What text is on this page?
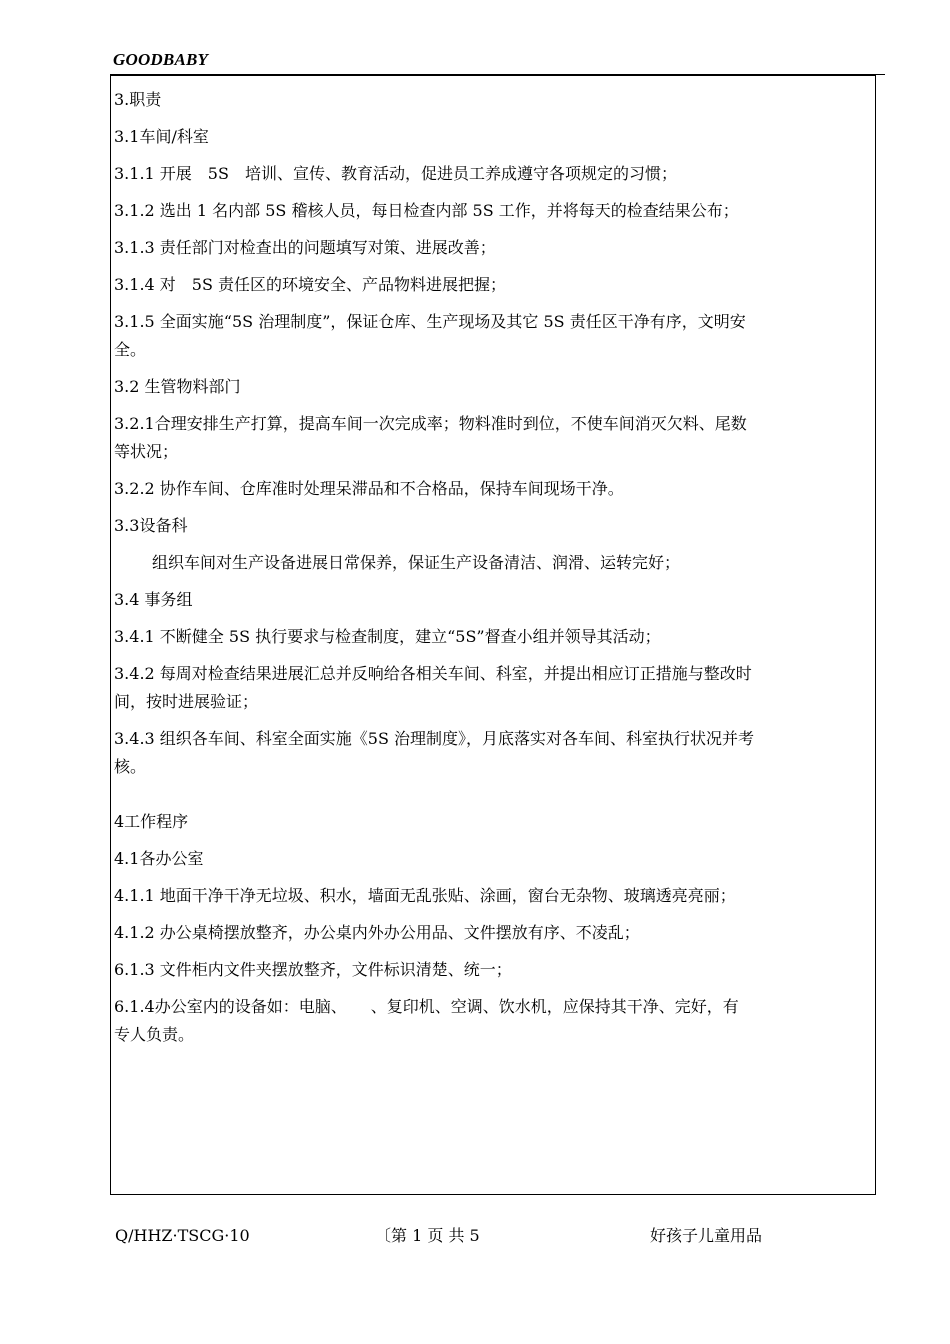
GOODBABY
3.职责
3.1车间/科室
3.1.1 开展　5S　培训、宣传、教育活动，促进员工养成遵守各项规定的习惯；
3.1.2 选出 1 名内部 5S 稽核人员，每日检查内部 5S 工作，并将每天的检查结果公布；
3.1.3 责任部门对检查出的问题填写对策、进展改善；
3.1.4 对　5S 责任区的环境安全、产品物料进展把握；
3.1.5 全面实施“5S 治理制度”，保证仓库、生产现场及其它 5S 责任区干净有序，文明安
全。
3.2 生管物料部门
3.2.1合理安排生产打算，提高车间一次完成率；物料准时到位，不使车间消灭欠料、尾数
等状况；
3.2.2 协作车间、仓库准时处理呆滞品和不合格品，保持车间现场干净。
3.3设备科
组织车间对生产设备进展日常保养，保证生产设备清洁、润滑、运转完好；
3.4 事务组
3.4.1 不断健全 5S 执行要求与检查制度，建立“5S”督查小组并领导其活动；
3.4.2 每周对检查结果进展汇总并反响给各相关车间、科室，并提出相应订正措施与整改时
间，按时进展验证；
3.4.3 组织各车间、科室全面实施《5S 治理制度》，月底落实对各车间、科室执行状况并考
核。
4工作程序
4.1各办公室
4.1.1 地面干净干净无垃圾、积水，墙面无乱张贴、涂画，窗台无杂物、玻璃透亮亮丽；
4.1.2 办公桌椅摆放整齐，办公桌内外办公用品、文件摆放有序、不凌乱；
6.1.3 文件柜内文件夹摆放整齐，文件标识清楚、统一；
6.1.4办公室内的设备如：电脑、　　、复印机、空调、饮水机，应保持其干净、完好，有
专人负责。
Q/HHZ·TSCG·10	〔第 1 页 共 5	好孩子儿童用品
